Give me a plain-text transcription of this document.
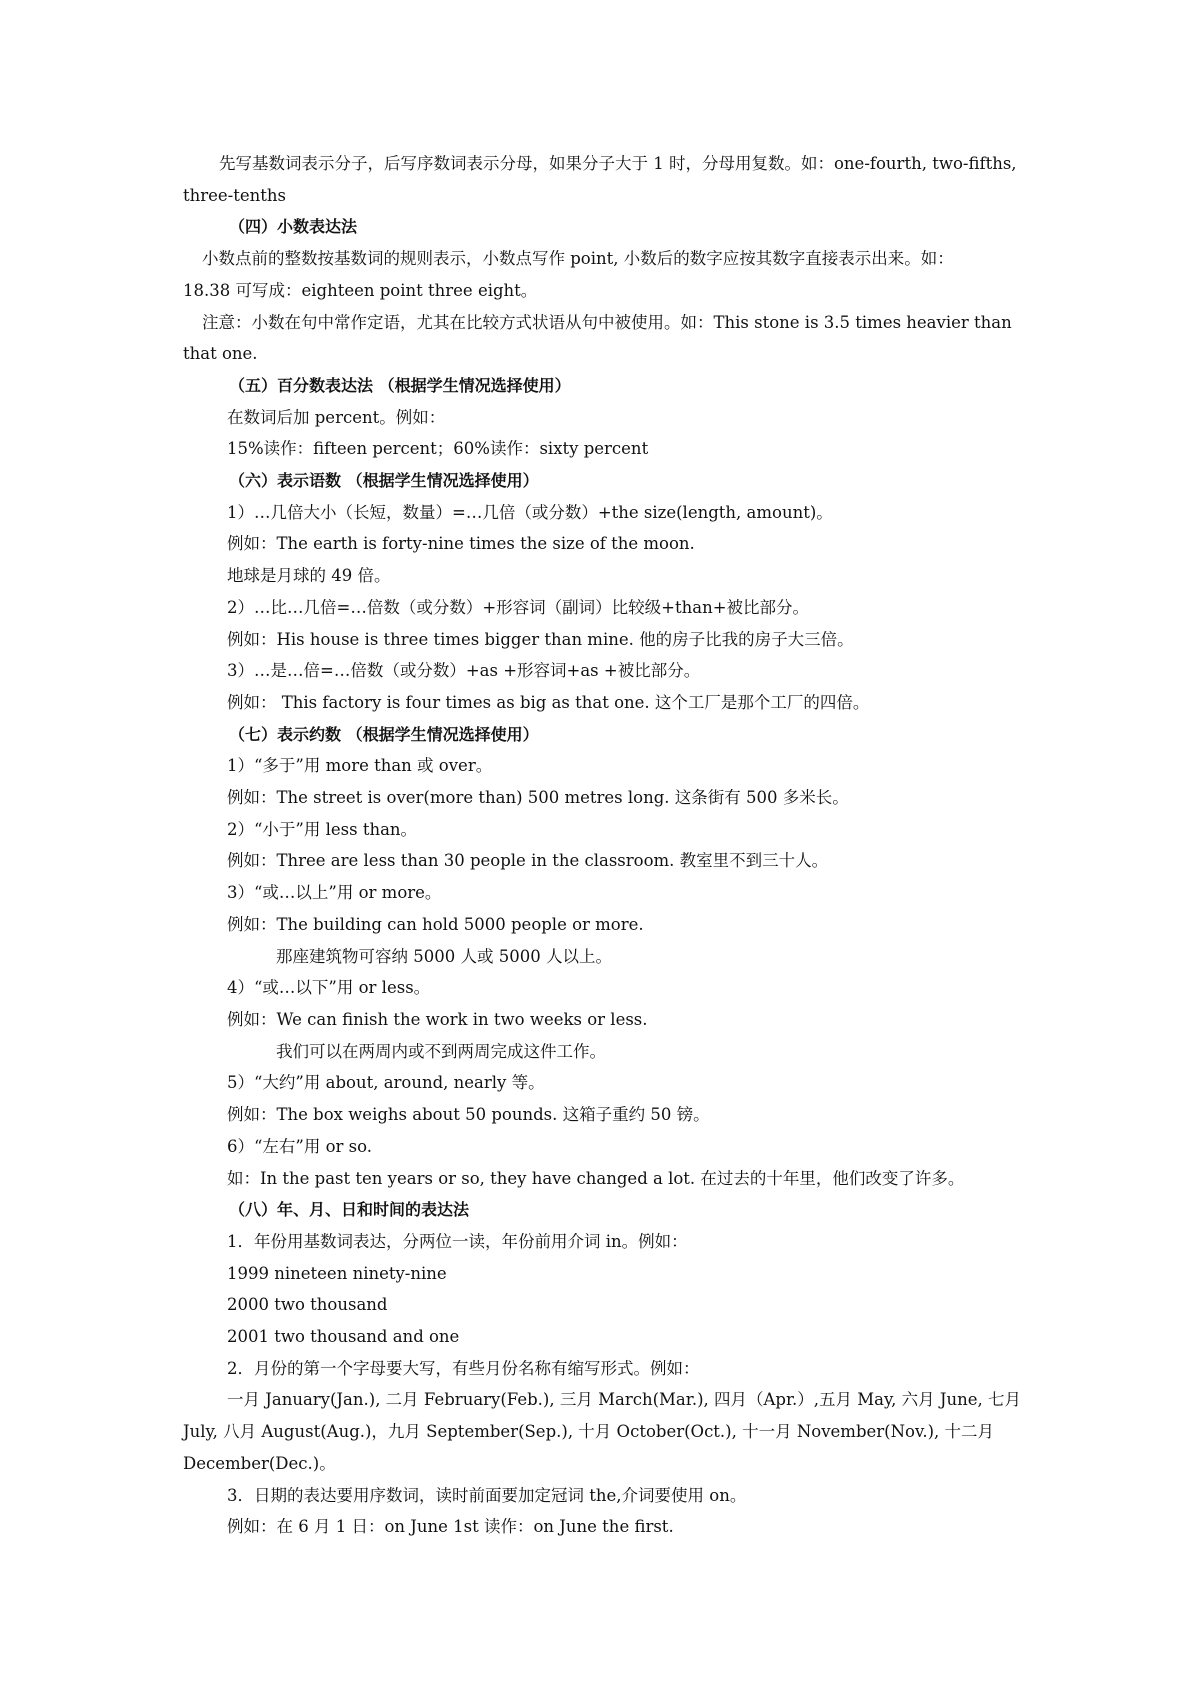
先写基数词表示分子，后写序数词表示分母，如果分子大于 1 时，分母用复数。如：one-fourth, two-fifths,

three-tenths

（四）小数表达法

小数点前的整数按基数词的规则表示，小数点写作 point, 小数后的数字应按其数字直接表示出来。如：

18.38 可写成：eighteen point three eight。

注意：小数在句中常作定语，尤其在比较方式状语从句中被使用。如：This stone is 3.5 times heavier than

that one.

（五）百分数表达法 （根据学生情况选择使用）

在数词后加 percent。例如：

15%读作：fifteen percent；60%读作：sixty percent

（六）表示语数 （根据学生情况选择使用）

1）…几倍大小（长短，数量）=…几倍（或分数）+the size(length, amount)。

例如：The earth is forty-nine times the size of the moon.

地球是月球的 49 倍。

2）…比…几倍=…倍数（或分数）+形容词（副词）比较级+than+被比部分。

例如：His house is three times bigger than mine. 他的房子比我的房子大三倍。

3）…是…倍=…倍数（或分数）+as +形容词+as +被比部分。

例如： This factory is four times as big as that one. 这个工厂是那个工厂的四倍。

（七）表示约数 （根据学生情况选择使用）

1）“多于”用 more than 或 over。

例如：The street is over(more than) 500 metres long. 这条街有 500 多米长。

2）“小于”用 less than。

例如：Three are less than 30 people in the classroom. 教室里不到三十人。

3）“或…以上”用 or more。

例如：The building can hold 5000 people or more.

那座建筑物可容纳 5000 人或 5000 人以上。

4）“或…以下”用 or less。

例如：We can finish the work in two weeks or less.

我们可以在两周内或不到两周完成这件工作。

5）“大约”用 about, around, nearly 等。

例如：The box weighs about 50 pounds. 这箱子重约 50 镑。

6）“左右”用 or so.

如：In the past ten years or so, they have changed a lot. 在过去的十年里，他们改变了许多。

（八）年、月、日和时间的表达法

1．年份用基数词表达，分两位一读，年份前用介词 in。例如：

1999 nineteen ninety-nine

2000 two thousand

2001 two thousand and one

2．月份的第一个字母要大写，有些月份名称有缩写形式。例如：

一月 January(Jan.), 二月 February(Feb.), 三月 March(Mar.), 四月（Apr.）,五月 May, 六月 June, 七月

July, 八月 August(Aug.)，九月 September(Sep.), 十月 October(Oct.), 十一月 November(Nov.), 十二月

December(Dec.)。

3．日期的表达要用序数词，读时前面要加定冠词 the,介词要使用 on。

例如：在 6 月 1 日：on June 1st 读作：on June the first.
